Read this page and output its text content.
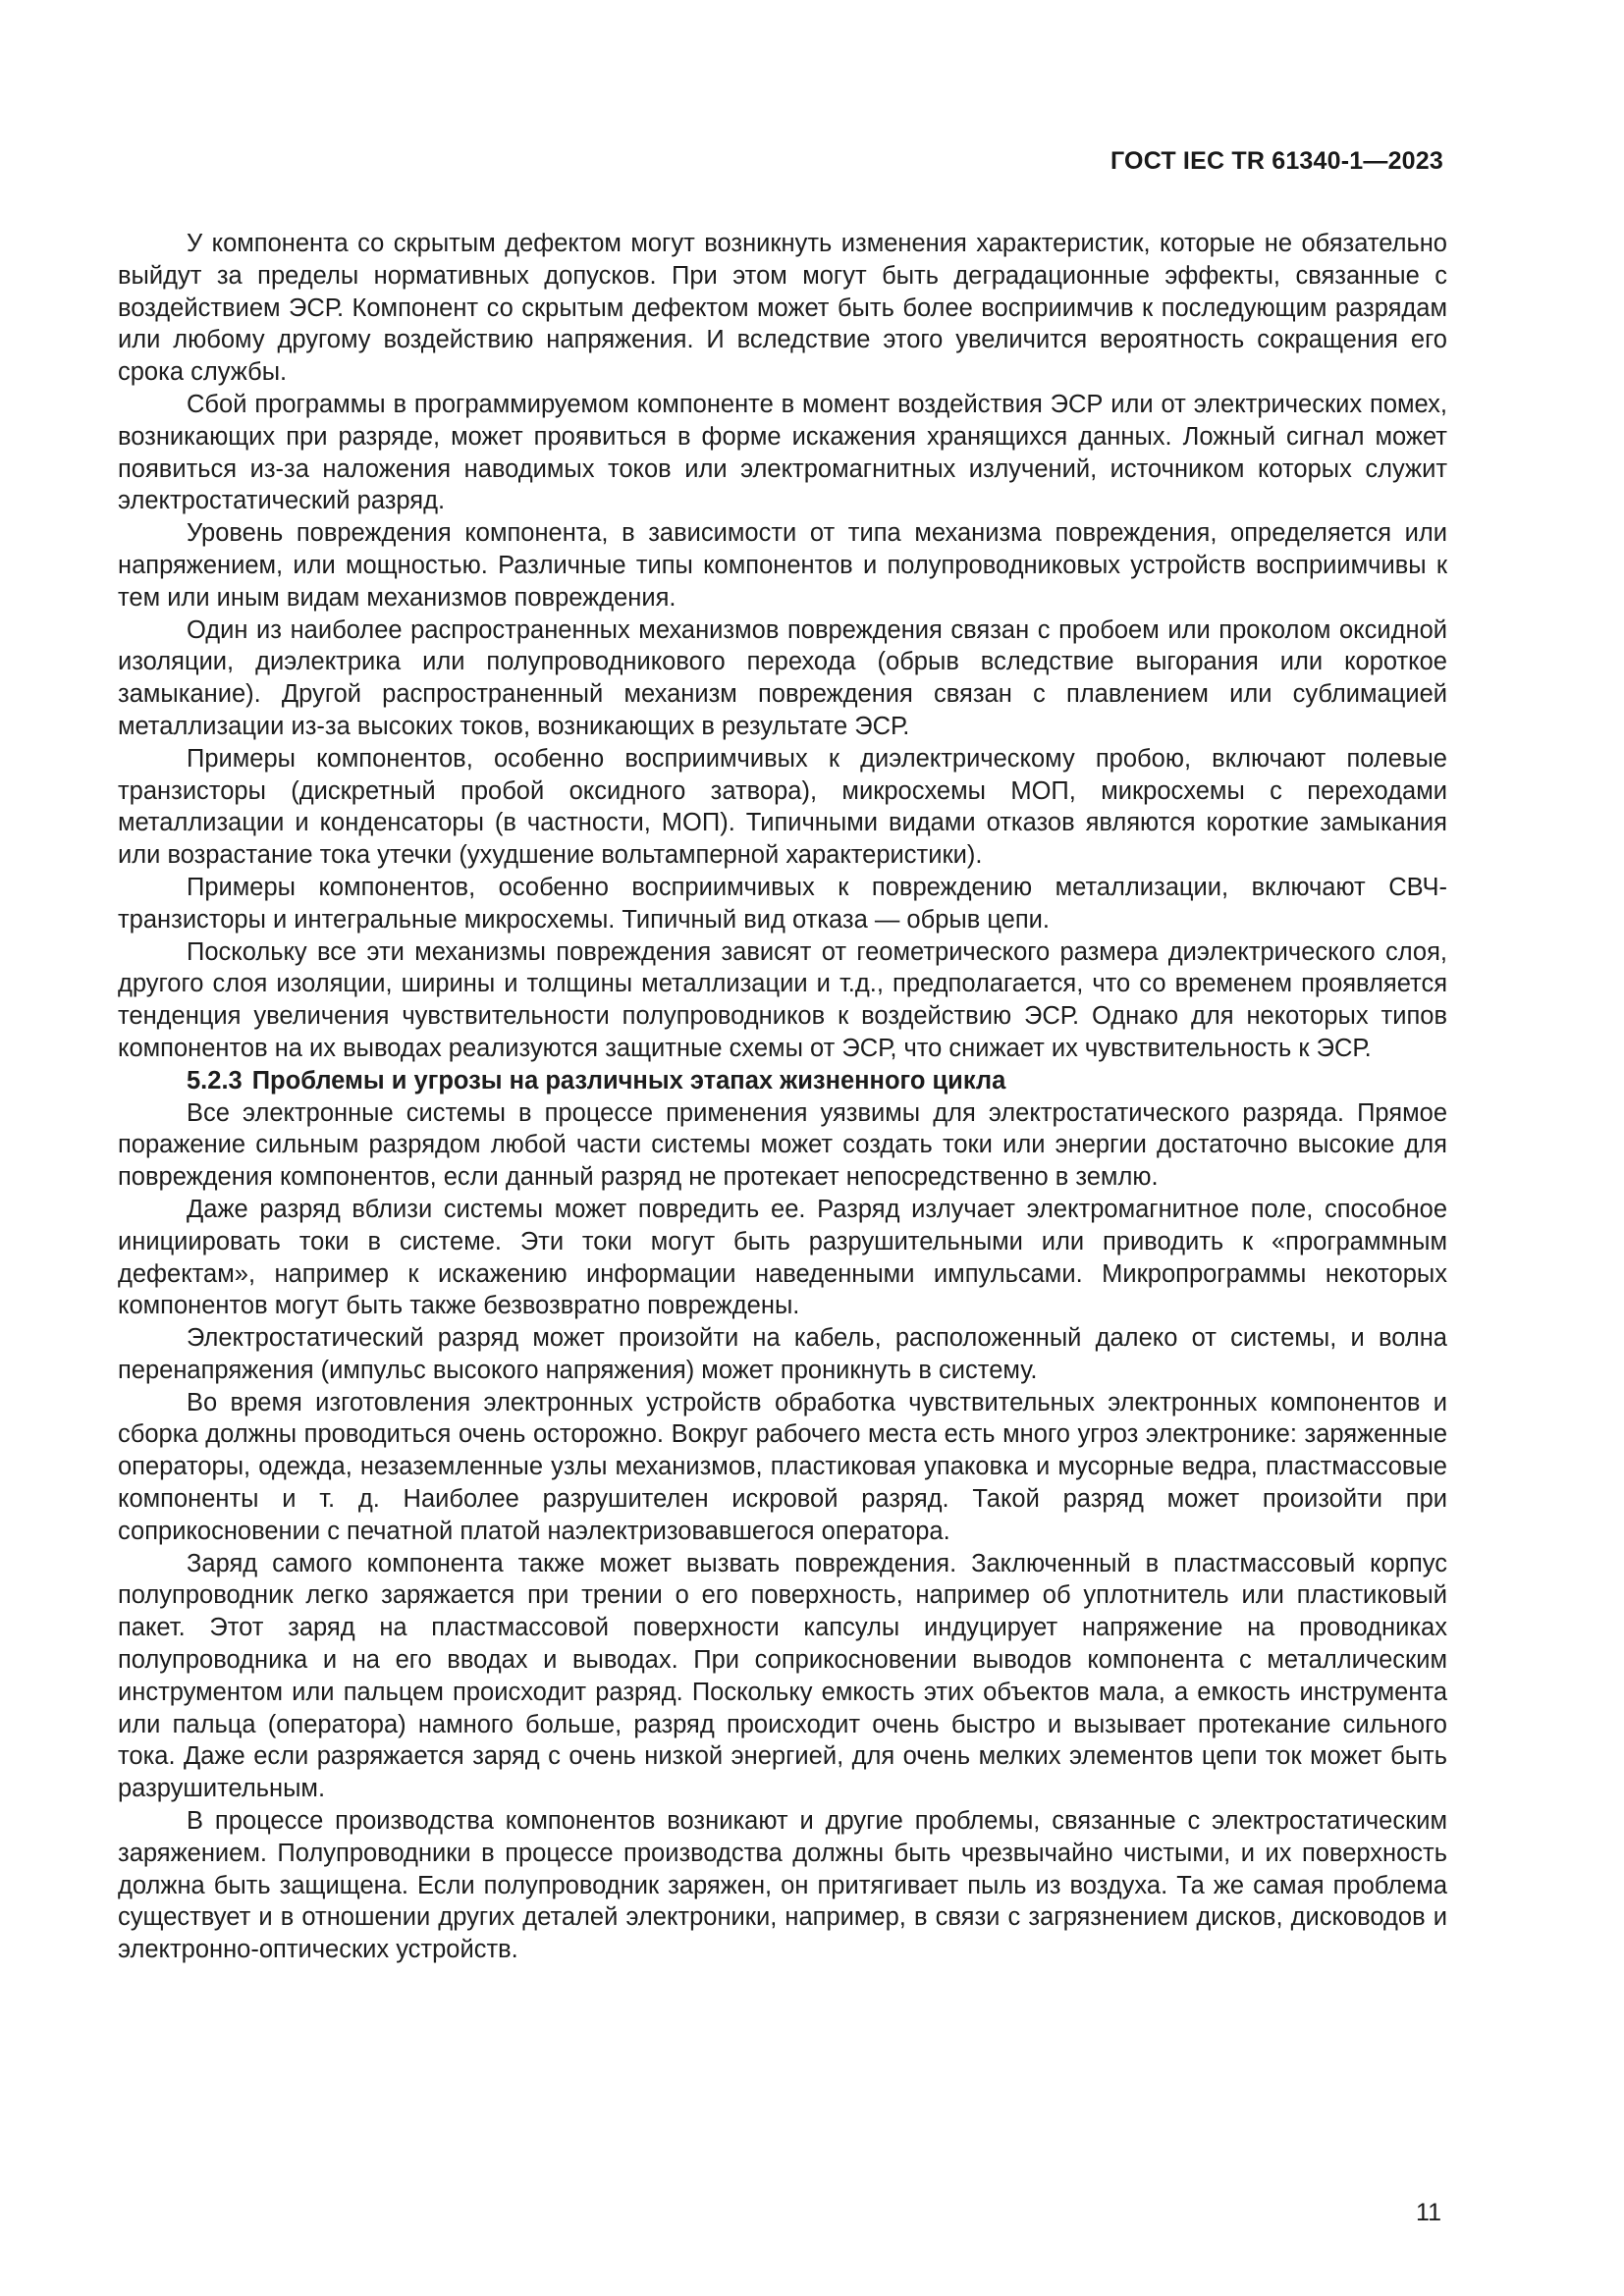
ГОСТ IEC TR 61340-1—2023

У компонента со скрытым дефектом могут возникнуть изменения характеристик, которые не обязательно выйдут за пределы нормативных допусков. При этом могут быть деградационные эффекты, связанные с воздействием ЭСР. Компонент со скрытым дефектом может быть более восприимчив к последующим разрядам или любому другому воздействию напряжения. И вследствие этого увеличится вероятность сокращения его срока службы.

Сбой программы в программируемом компоненте в момент воздействия ЭСР или от электрических помех, возникающих при разряде, может проявиться в форме искажения хранящихся данных. Ложный сигнал может появиться из-за наложения наводимых токов или электромагнитных излучений, источником которых служит электростатический разряд.

Уровень повреждения компонента, в зависимости от типа механизма повреждения, определяется или напряжением, или мощностью. Различные типы компонентов и полупроводниковых устройств восприимчивы к тем или иным видам механизмов повреждения.

Один из наиболее распространенных механизмов повреждения связан с пробоем или проколом оксидной изоляции, диэлектрика или полупроводникового перехода (обрыв вследствие выгорания или короткое замыкание). Другой распространенный механизм повреждения связан с плавлением или сублимацией металлизации из-за высоких токов, возникающих в результате ЭСР.

Примеры компонентов, особенно восприимчивых к диэлектрическому пробою, включают полевые транзисторы (дискретный пробой оксидного затвора), микросхемы МОП, микросхемы с переходами металлизации и конденсаторы (в частности, МОП). Типичными видами отказов являются короткие замыкания или возрастание тока утечки (ухудшение вольтамперной характеристики).

Примеры компонентов, особенно восприимчивых к повреждению металлизации, включают СВЧ-транзисторы и интегральные микросхемы. Типичный вид отказа — обрыв цепи.

Поскольку все эти механизмы повреждения зависят от геометрического размера диэлектрического слоя, другого слоя изоляции, ширины и толщины металлизации и т.д., предполагается, что со временем проявляется тенденция увеличения чувствительности полупроводников к воздействию ЭСР. Однако для некоторых типов компонентов на их выводах реализуются защитные схемы от ЭСР, что снижает их чувствительность к ЭСР.

5.2.3 Проблемы и угрозы на различных этапах жизненного цикла

Все электронные системы в процессе применения уязвимы для электростатического разряда. Прямое поражение сильным разрядом любой части системы может создать токи или энергии достаточно высокие для повреждения компонентов, если данный разряд не протекает непосредственно в землю.

Даже разряд вблизи системы может повредить ее. Разряд излучает электромагнитное поле, способное инициировать токи в системе. Эти токи могут быть разрушительными или приводить к «программным дефектам», например к искажению информации наведенными импульсами. Микропрограммы некоторых компонентов могут быть также безвозвратно повреждены.

Электростатический разряд может произойти на кабель, расположенный далеко от системы, и волна перенапряжения (импульс высокого напряжения) может проникнуть в систему.

Во время изготовления электронных устройств обработка чувствительных электронных компонентов и сборка должны проводиться очень осторожно. Вокруг рабочего места есть много угроз электронике: заряженные операторы, одежда, незаземленные узлы механизмов, пластиковая упаковка и мусорные ведра, пластмассовые компоненты и т. д. Наиболее разрушителен искровой разряд. Такой разряд может произойти при соприкосновении с печатной платой наэлектризовавшегося оператора.

Заряд самого компонента также может вызвать повреждения. Заключенный в пластмассовый корпус полупроводник легко заряжается при трении о его поверхность, например об уплотнитель или пластиковый пакет. Этот заряд на пластмассовой поверхности капсулы индуцирует напряжение на проводниках полупроводника и на его вводах и выводах. При соприкосновении выводов компонента с металлическим инструментом или пальцем происходит разряд. Поскольку емкость этих объектов мала, а емкость инструмента или пальца (оператора) намного больше, разряд происходит очень быстро и вызывает протекание сильного тока. Даже если разряжается заряд с очень низкой энергией, для очень мелких элементов цепи ток может быть разрушительным.

В процессе производства компонентов возникают и другие проблемы, связанные с электростатическим заряжением. Полупроводники в процессе производства должны быть чрезвычайно чистыми, и их поверхность должна быть защищена. Если полупроводник заряжен, он притягивает пыль из воздуха. Та же самая проблема существует и в отношении других деталей электроники, например, в связи с загрязнением дисков, дисководов и электронно-оптических устройств.

11
